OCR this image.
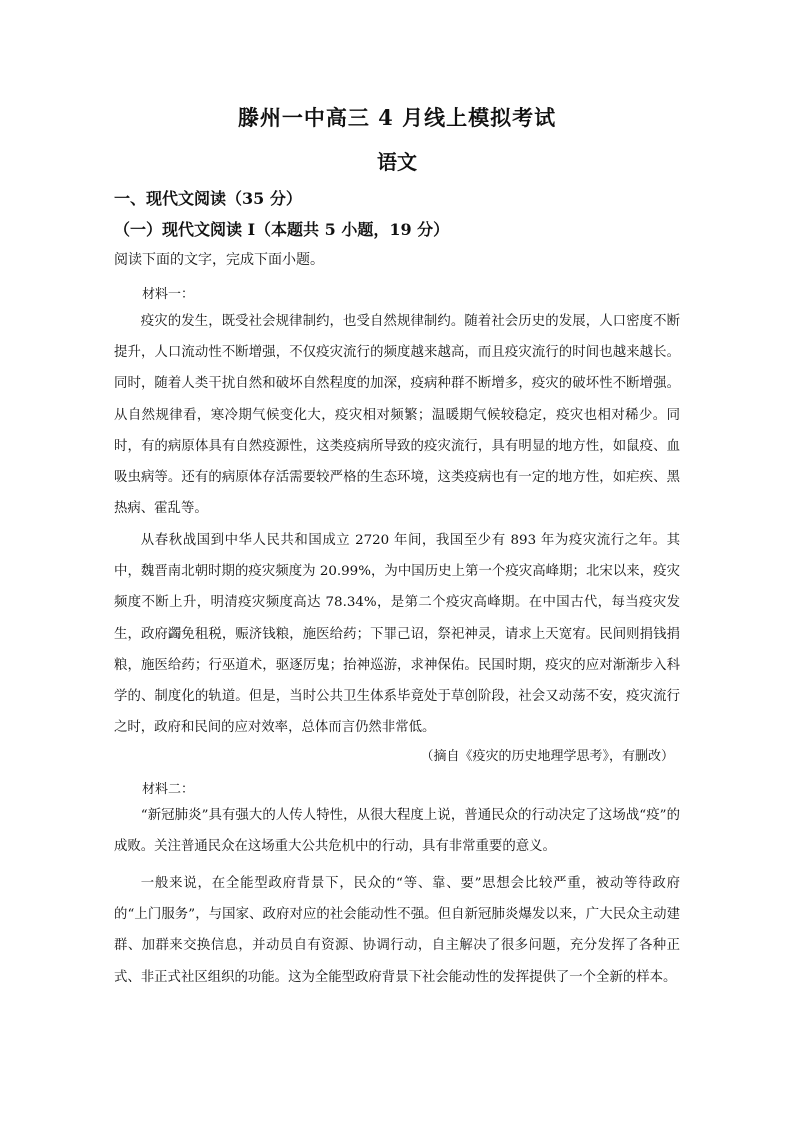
滕州一中高三 4 月线上模拟考试
语文
一、现代文阅读（35 分）
（一）现代文阅读 I（本题共 5 小题，19 分）
阅读下面的文字，完成下面小题。
材料一：
疫灾的发生，既受社会规律制约，也受自然规律制约。随着社会历史的发展，人口密度不断提升，人口流动性不断增强，不仅疫灾流行的频度越来越高，而且疫灾流行的时间也越来越长。同时，随着人类干扰自然和破坏自然程度的加深，疫病种群不断增多，疫灾的破坏性不断增强。从自然规律看，寒冷期气候变化大，疫灾相对频繁；温暖期气候较稳定，疫灾也相对稀少。同时，有的病原体具有自然疫源性，这类疫病所导致的疫灾流行，具有明显的地方性，如鼠疫、血吸虫病等。还有的病原体存活需要较严格的生态环境，这类疫病也有一定的地方性，如疟疾、黑热病、霍乱等。
从春秋战国到中华人民共和国成立 2720 年间，我国至少有 893 年为疫灾流行之年。其中，魏晋南北朝时期的疫灾频度为 20.99%，为中国历史上第一个疫灾高峰期；北宋以来，疫灾频度不断上升，明清疫灾频度高达 78.34%，是第二个疫灾高峰期。在中国古代，每当疫灾发生，政府蠲免租税，赈济钱粮，施医给药；下罪己诏，祭祀神灵，请求上天宽宥。民间则捐钱捐粮，施医给药；行巫道术，驱逐厉鬼；抬神巡游，求神保佑。民国时期，疫灾的应对渐渐步入科学的、制度化的轨道。但是，当时公共卫生体系毕竟处于草创阶段，社会又动荡不安，疫灾流行之时，政府和民间的应对效率，总体而言仍然非常低。
（摘自《疫灾的历史地理学思考》，有删改）
材料二：
“新冠肺炎”具有强大的人传人特性，从很大程度上说，普通民众的行动决定了这场战“疫”的成败。关注普通民众在这场重大公共危机中的行动，具有非常重要的意义。
一般来说，在全能型政府背景下，民众的“等、靠、要”思想会比较严重，被动等待政府的“上门服务”，与国家、政府对应的社会能动性不强。但自新冠肺炎爆发以来，广大民众主动建群、加群来交换信息，并动员自有资源、协调行动，自主解决了很多问题，充分发挥了各种正式、非正式社区组织的功能。这为全能型政府背景下社会能动性的发挥提供了一个全新的样本。
